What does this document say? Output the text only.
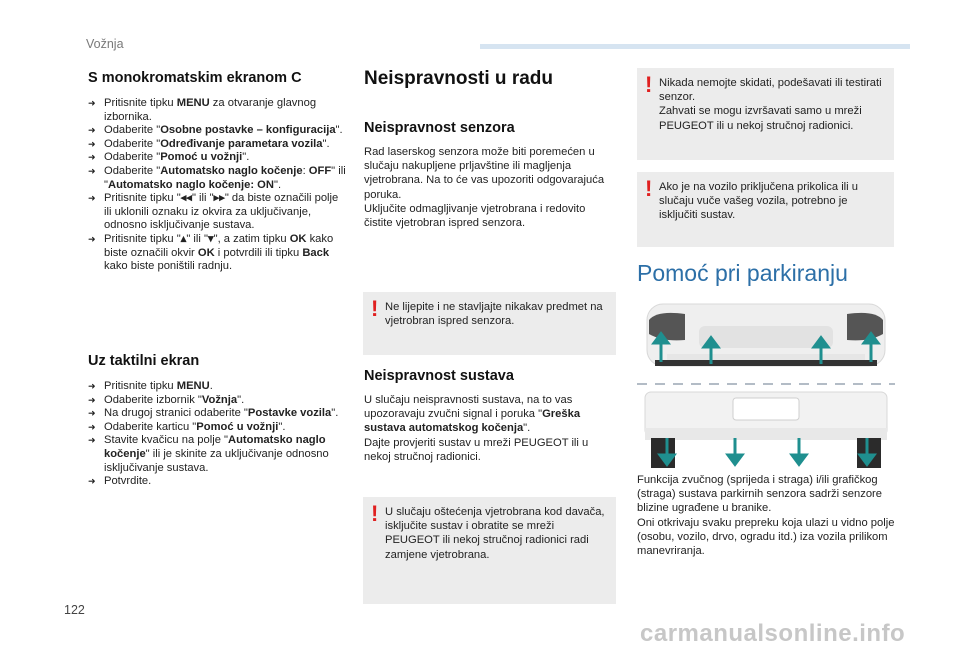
Vožnja
S monokromatskim ekranom C
➜ Pritisnite tipku MENU za otvaranje glavnog izbornika.
➜ Odaberite "Osobne postavke – konfiguracija".
➜ Odaberite "Određivanje parametara vozila".
➜ Odaberite "Pomoć u vožnji".
➜ Odaberite "Automatsko naglo kočenje: OFF" ili "Automatsko naglo kočenje: ON".
➜ Pritisnite tipku "◂◂" ili "▸▸" da biste označili polje ili uklonili oznaku iz okvira za uključivanje, odnosno isključivanje sustava.
➜ Pritisnite tipku "▴" ili "▾", a zatim tipku OK kako biste označili okvir OK i potvrdili ili tipku Back kako biste poništili radnju.
Uz taktilni ekran
➜ Pritisnite tipku MENU.
➜ Odaberite izbornik "Vožnja".
➜ Na drugoj stranici odaberite "Postavke vozila".
➜ Odaberite karticu "Pomoć u vožnji".
➜ Stavite kvačicu na polje "Automatsko naglo kočenje" ili je skinite za uključivanje odnosno isključivanje sustava.
➜ Potvrdite.
Neispravnosti u radu
Neispravnost senzora
Rad laserskog senzora može biti poremećen u slučaju nakupljene prljavštine ili magljenja vjetrobrana. Na to će vas upozoriti odgovarajuća poruka.
Uključite odmagljivanje vjetrobrana i redovito čistite vjetrobran ispred senzora.
! Ne lijepite i ne stavljajte nikakav predmet na vjetrobran ispred senzora.
Neispravnost sustava
U slučaju neispravnosti sustava, na to vas upozoravaju zvučni signal i poruka "Greška sustava automatskog kočenja".
Dajte provjeriti sustav u mreži PEUGEOT ili u nekoj stručnoj radionici.
! U slučaju oštećenja vjetrobrana kod davača, isključite sustav i obratite se mreži PEUGEOT ili nekoj stručnoj radionici radi zamjene vjetrobrana.
! Nikada nemojte skidati, podešavati ili testirati senzor.
Zahvati se mogu izvršavati samo u mreži PEUGEOT ili u nekoj stručnoj radionici.
! Ako je na vozilo priključena prikolica ili u slučaju vuče vašeg vozila, potrebno je isključiti sustav.
Pomoć pri parkiranju
Funkcija zvučnog (sprijeda i straga) i/ili grafičkog (straga) sustava parkirnih senzora sadrži senzore blizine ugrađene u branike.
Oni otkrivaju svaku prepreku koja ulazi u vidno polje (osobu, vozilo, drvo, ogradu itd.) iza vozila prilikom manevriranja.
122
carmanualsonline.info
